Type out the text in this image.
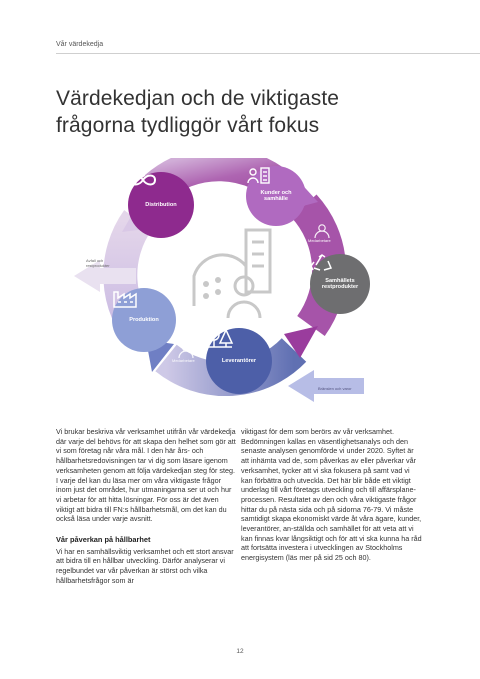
Vår värdekedja
Värdekedjan och de viktigaste
frågorna tydliggör vårt fokus
Avfall och
restprodukter
Bränslen och varor
Medarbetare
Medarbetare
Distribution
Kunder och
samhälle
Samhällets
restprodukter
Leverantörer
Produktion

Vi brukar beskriva vår verksamhet utifrån vår värdekedja där varje del behövs för att skapa den helhet som gör att vi som företag når våra mål. I den här års- och hållbarhetsredovisningen tar vi dig som läsare igenom verksamheten genom att följa värdekedjan steg för steg. I varje del kan du läsa mer om våra viktigaste frågor inom just det området, hur utmaningarna ser ut och hur vi arbetar för att hitta lösningar. För oss är det även viktigt att bidra till FN:s hållbarhetsmål, om det kan du också läsa under varje avsnitt.

Vår påverkan på hållbarhet

Vi har en samhällsviktig verksamhet och ett stort ansvar att bidra till en hållbar utveckling. Därför analyserar vi regelbundet var vår påverkan är störst och vilka hållbarhetsfrågor som är

viktigast för dem som berörs av vår verksamhet. Bedömningen kallas en väsentlighetsanalys och den senaste analysen genomförde vi under 2020. Syftet är att inhämta vad de, som påverkas av eller påverkar vår verksamhet, tycker att vi ska fokusera på samt vad vi kan förbättra och utveckla. Det här blir både ett viktigt underlag till vårt företags utveckling och till affärsplane-processen. Resultatet av den och våra viktigaste frågor hittar du på nästa sida och på sidorna 76-79. Vi måste samtidigt skapa ekonomiskt värde åt våra ägare, kunder, leverantörer, an-ställda och samhället för att veta att vi kan finnas kvar långsiktigt och för att vi ska kunna ha råd att fortsätta investera i utvecklingen av Stockholms energisystem (läs mer på sid 25 och 80).

12
